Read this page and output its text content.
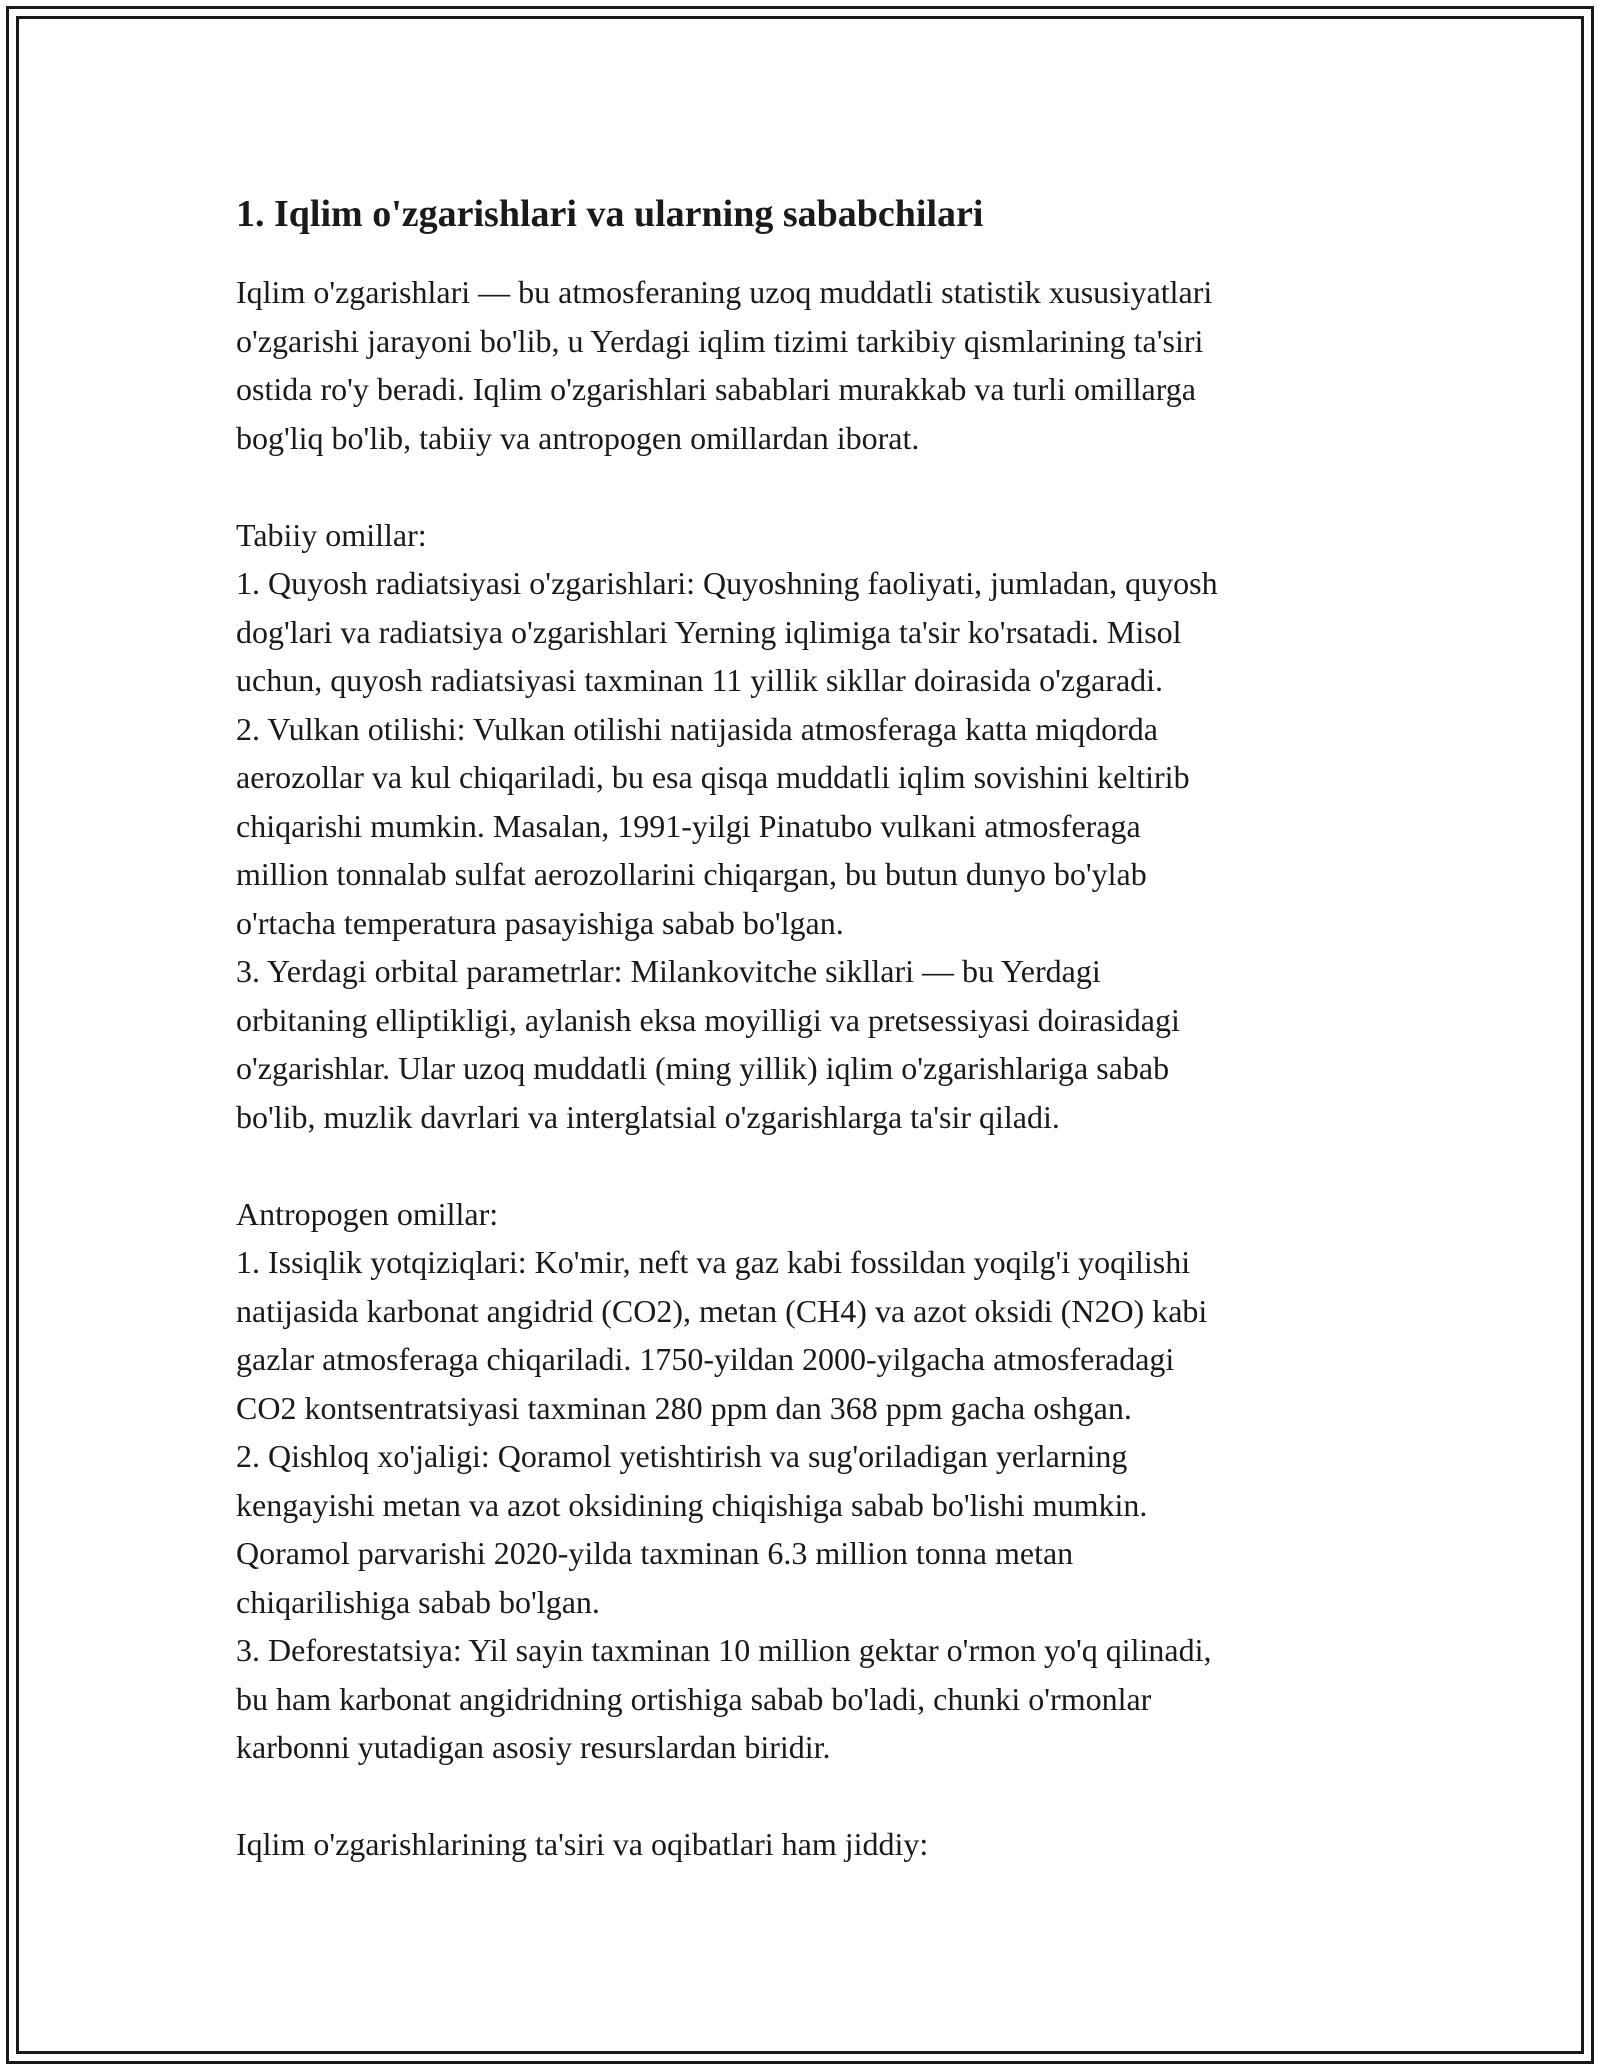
1. Iqlim o'zgarishlari va ularning sababchilari
Iqlim o'zgarishlari — bu atmosferaning uzoq muddatli statistik xususiyatlari
o'zgarishi jarayoni bo'lib, u Yerdagi iqlim tizimi tarkibiy qismlarining ta'siri
ostida ro'y beradi. Iqlim o'zgarishlari sabablari murakkab va turli omillarga
bog'liq bo'lib, tabiiy va antropogen omillardan iborat.
Tabiiy omillar:
1. Quyosh radiatsiyasi o'zgarishlari: Quyoshning faoliyati, jumladan, quyosh
dog'lari va radiatsiya o'zgarishlari Yerning iqlimiga ta'sir ko'rsatadi. Misol
uchun, quyosh radiatsiyasi taxminan 11 yillik sikllar doirasida o'zgaradi.
2. Vulkan otilishi: Vulkan otilishi natijasida atmosferaga katta miqdorda
aerozollar va kul chiqariladi, bu esa qisqa muddatli iqlim sovishini keltirib
chiqarishi mumkin. Masalan, 1991-yilgi Pinatubo vulkani atmosferaga
million tonnalab sulfat aerozollarini chiqargan, bu butun dunyo bo'ylab
o'rtacha temperatura pasayishiga sabab bo'lgan.
3. Yerdagi orbital parametrlar: Milankovitche sikllari — bu Yerdagi
orbitaning elliptikligi, aylanish eksa moyilligi va pretsessiyasi doirasidagi
o'zgarishlar. Ular uzoq muddatli (ming yillik) iqlim o'zgarishlariga sabab
bo'lib, muzlik davrlari va interglatsial o'zgarishlarga ta'sir qiladi.
Antropogen omillar:
1. Issiqlik yotqiziqlari: Ko'mir, neft va gaz kabi fossildan yoqilg'i yoqilishi
natijasida karbonat angidrid (CO2), metan (CH4) va azot oksidi (N2O) kabi
gazlar atmosferaga chiqariladi. 1750-yildan 2000-yilgacha atmosferadagi
CO2 kontsentratsiyasi taxminan 280 ppm dan 368 ppm gacha oshgan.
2. Qishloq xo'jaligi: Qoramol yetishtirish va sug'oriladigan yerlarning
kengayishi metan va azot oksidining chiqishiga sabab bo'lishi mumkin.
Qoramol parvarishi 2020-yilda taxminan 6.3 million tonna metan
chiqarilishiga sabab bo'lgan.
3. Deforestatsiya: Yil sayin taxminan 10 million gektar o'rmon yo'q qilinadi,
bu ham karbonat angidridning ortishiga sabab bo'ladi, chunki o'rmonlar
karbonni yutadigan asosiy resurslardan biridir.
Iqlim o'zgarishlarining ta'siri va oqibatlari ham jiddiy:
